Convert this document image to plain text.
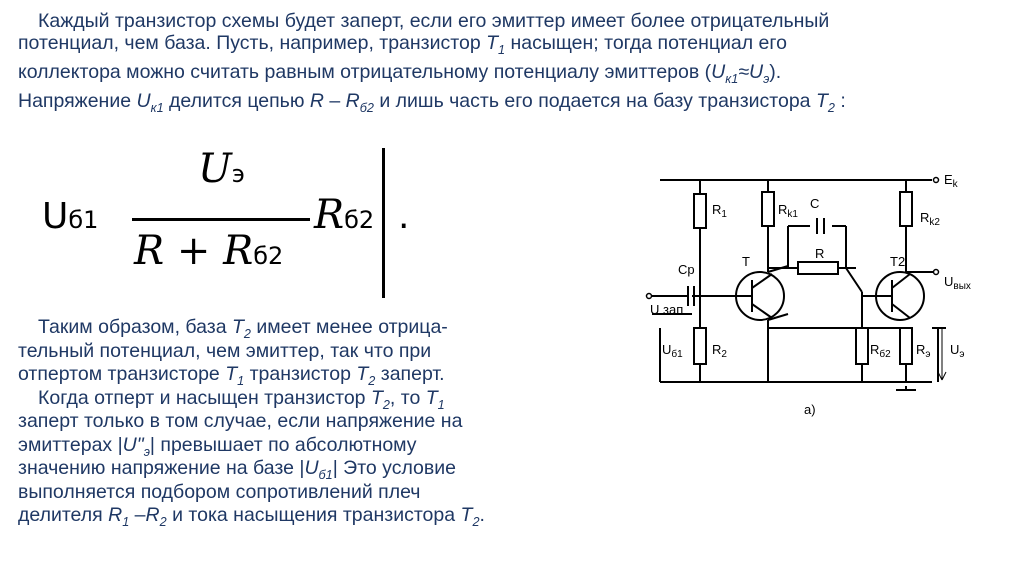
Каждый транзистор схемы будет заперт, если его эмиттер имеет более отрицательный
потенциал, чем база. Пусть, например, транзистор $Т_1$ насыщен; тогда потенциал его
коллектора можно считать равным отрицательному потенциалу эмиттеров $(U_{к1}\approx U_э)$.
Напряжение $U_{к1}$ делится цепью R – $R_{б2}$ и лишь часть его подается на базу транзистора $Т_2$ :
Uб1
Uэ
R + Rб2
Rб2 .
Таким образом, база $Т_2$ имеет менее отрица-
тельный потенциал, чем эмиттер, так что при
отпертом транзисторе $Т_1$ транзистор $Т_2$ заперт.
Когда отперт и насыщен транзистор $Т_2$, то $Т_1$
заперт только в том случае, если напряжение на
эмиттерах $|U"_э|$ превышает по абсолютному
значению напряжение на базе $|U_{б1}|$ Это условие
выполняется подбором сопротивлений плеч
делителя $R_1$ $-R_2$ и тока насыщения транзистора $Т_2$.
$E_k$
$R_1$	$R_{k1}$
C
R
Cp
T	T2
$R_{k2}$
$U_{вых}$
U зап
$U_{б1}$ $R_2$	$R_{б2}$ $R_э$ $U_э$
а)
